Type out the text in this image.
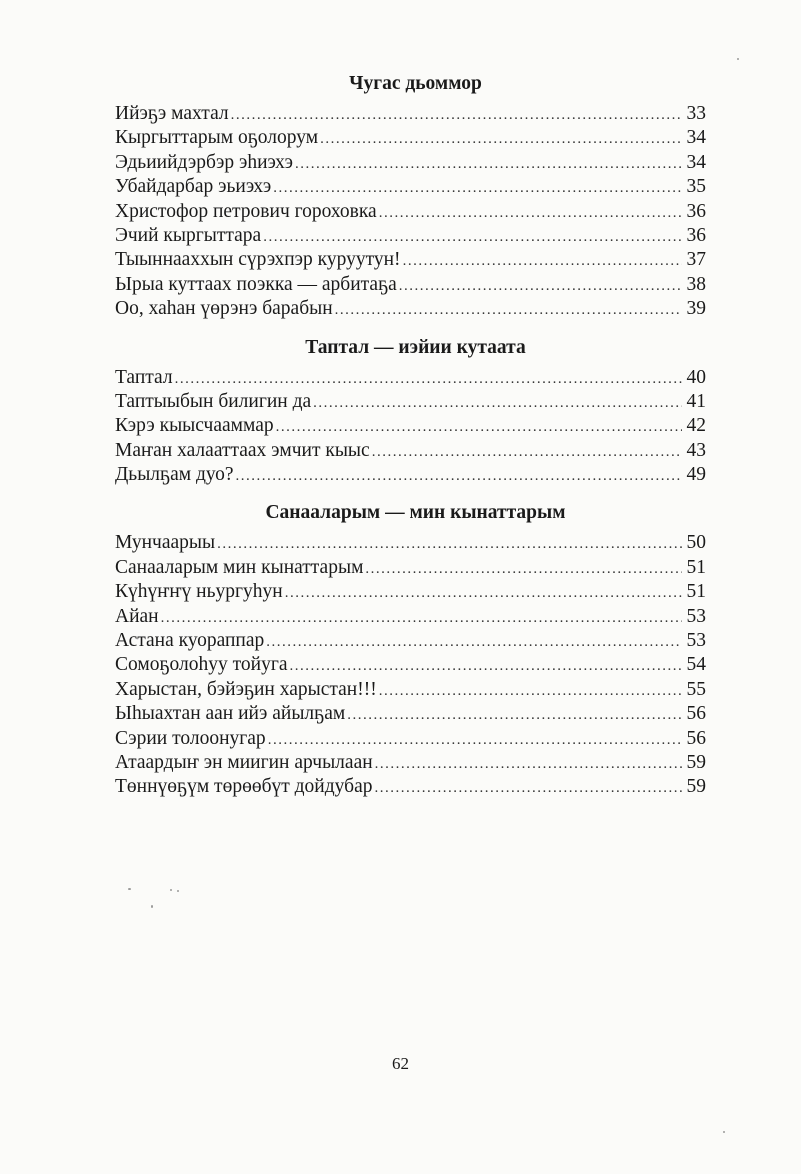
Чугас дьоммор
Ийэҕэ махтал .....	33
Кыргыттарым оҕолорум .....	34
Эдьиийдэрбэр эһиэхэ .....	34
Убайдарбар эьиэхэ .....	35
Христофор петрович гороховка .....	36
Эчий кыргыттара .....	36
Тыыннааххын сүрэхпэр куруутун! .....	37
Ырыа куттаах поэкка — арбитаҕа .....	38
Оо, хаһан үөрэнэ барабын .....	39
Таптал — иэйии кутаата
Таптал .....	40
Таптыыбын билигин да .....	41
Кэрэ кыысчааммар .....	42
Маҥан халааттаах эмчит кыыс .....	43
Дьылҕам дуо? .....	49
Санааларым — мин кынаттарым
Мунчаарыы .....	50
Санааларым мин кынаттарым .....	51
Күһүҥҥү ньургуһун .....	51
Айан .....	53
Астана куораппар .....	53
Сомоҕолоһуу тойуга .....	54
Харыстан, бэйэҕин харыстан!!! .....	55
Ыһыахтан аан ийэ айылҕам .....	56
Сэрии толоонугар .....	56
Атаардыҥ эн миигин арчылаан .....	59
Төннүөҕүм төрөөбүт дойдубар .....	59
62
